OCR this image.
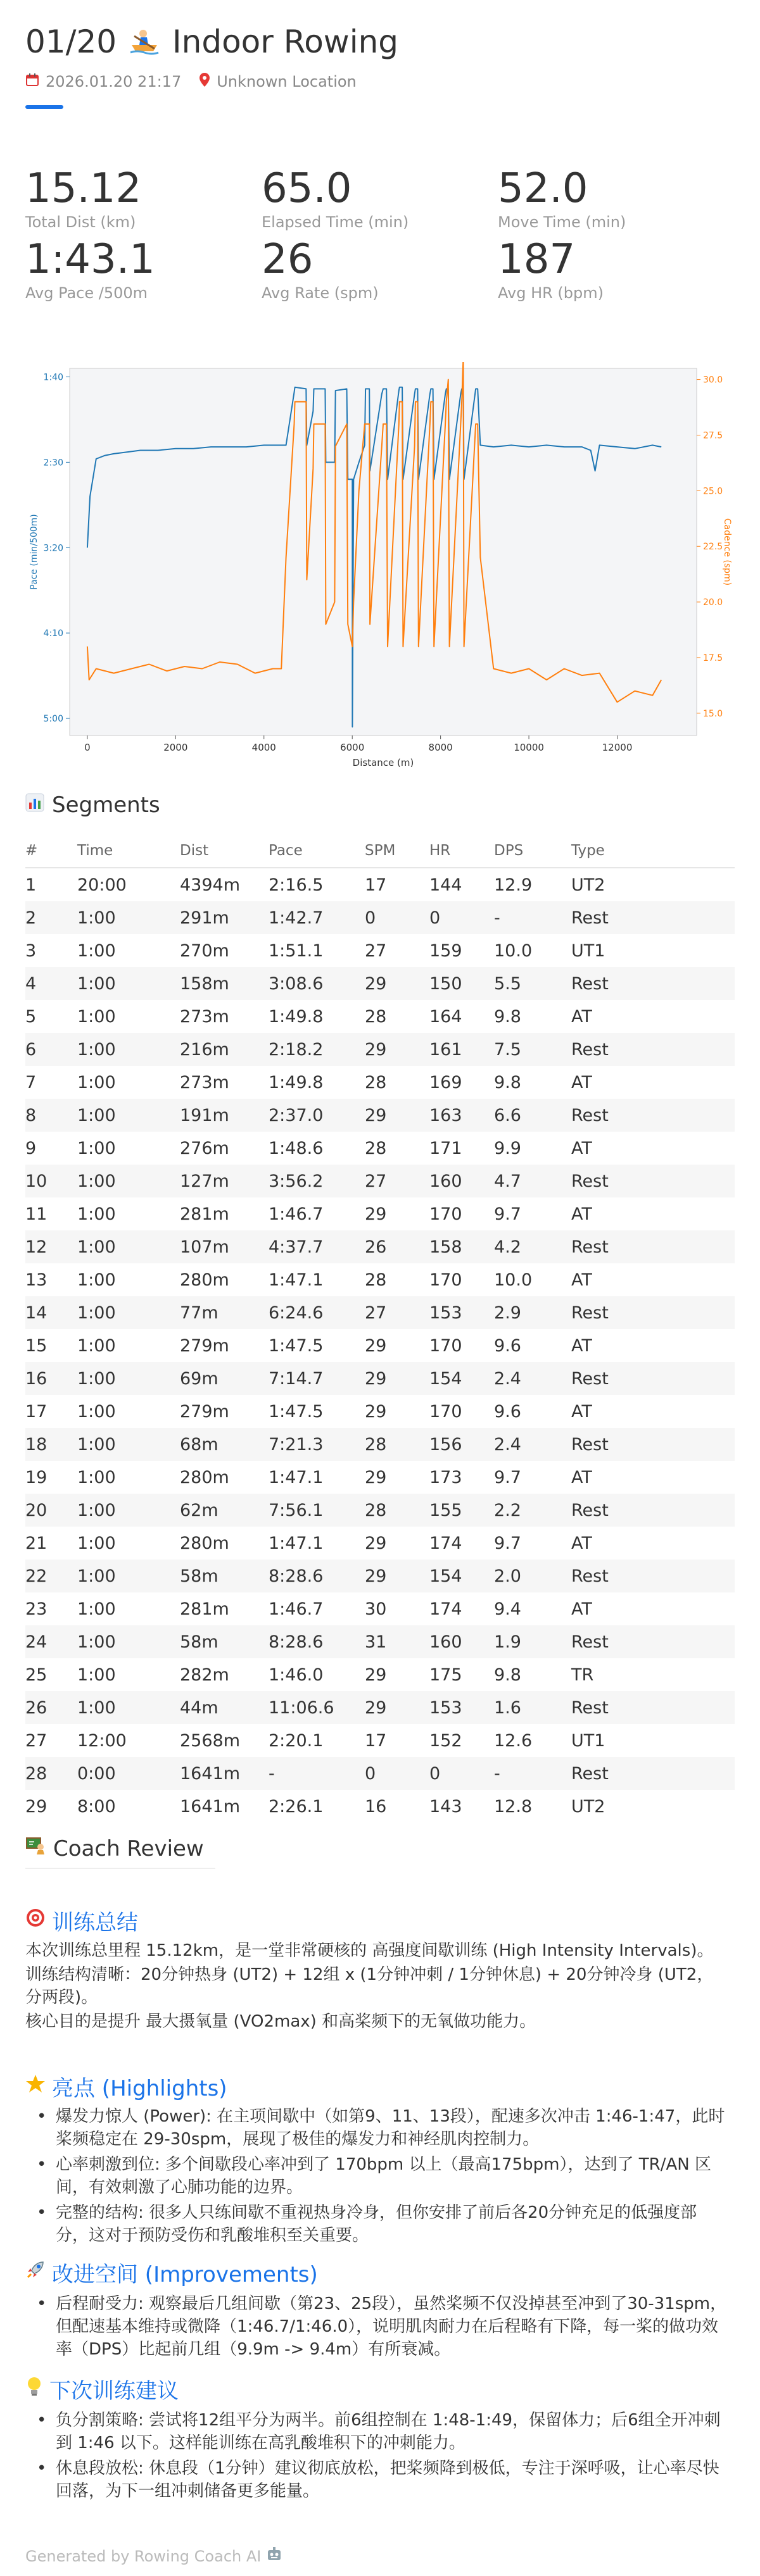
01/20 Indoor Rowing
2026.01.20 21:17 Unknown Location
15.12
Total Dist (km)
65.0
Elapsed Time (min)
52.0
Move Time (min)
1:43.1
Avg Pace /500m
26
Avg Rate (spm)
187
Avg HR (bpm)
0	2000	4000	6000	8000	10000	12000
Distance (m)
1:40
2:30
3:20
4:10
5:00
Pace (min/500m)
15.0
17.5
20.0
22.5
25.0
27.5
30.0
Cadence (spm)
Segments
#	Time	Dist	Pace	SPM	HR	DPS	Type
1	20:00	4394m	2:16.5	17	144	12.9	UT2
2	1:00	291m	1:42.7	0	0	-	Rest
3	1:00	270m	1:51.1	27	159	10.0	UT1
4	1:00	158m	3:08.6	29	150	5.5	Rest
5	1:00	273m	1:49.8	28	164	9.8	AT
6	1:00	216m	2:18.2	29	161	7.5	Rest
7	1:00	273m	1:49.8	28	169	9.8	AT
8	1:00	191m	2:37.0	29	163	6.6	Rest
9	1:00	276m	1:48.6	28	171	9.9	AT
10	1:00	127m	3:56.2	27	160	4.7	Rest
11	1:00	281m	1:46.7	29	170	9.7	AT
12	1:00	107m	4:37.7	26	158	4.2	Rest
13	1:00	280m	1:47.1	28	170	10.0	AT
14	1:00	77m	6:24.6	27	153	2.9	Rest
15	1:00	279m	1:47.5	29	170	9.6	AT
16	1:00	69m	7:14.7	29	154	2.4	Rest
17	1:00	279m	1:47.5	29	170	9.6	AT
18	1:00	68m	7:21.3	28	156	2.4	Rest
19	1:00	280m	1:47.1	29	173	9.7	AT
20	1:00	62m	7:56.1	28	155	2.2	Rest
21	1:00	280m	1:47.1	29	174	9.7	AT
22	1:00	58m	8:28.6	29	154	2.0	Rest
23	1:00	281m	1:46.7	30	174	9.4	AT
24	1:00	58m	8:28.6	31	160	1.9	Rest
25	1:00	282m	1:46.0	29	175	9.8	TR
26	1:00	44m	11:06.6	29	153	1.6	Rest
27	12:00	2568m	2:20.1	17	152	12.6	UT1
28	0:00	1641m	-	0	0	-	Rest
29	8:00	1641m	2:26.1	16	143	12.8	UT2
Coach Review
训练总结
本次训练总里程 15.12km，是一堂非常硬核的 高强度间歇训练 (High Intensity Intervals)。
训练结构清晰：20分钟热身 (UT2) + 12组 x (1分钟冲刺 / 1分钟休息) + 20分钟冷身 (UT2，分两段)。
核心目的是提升 最大摄氧量 (VO2max) 和高桨频下的无氧做功能力。
亮点 (Highlights)
• 爆发力惊人 (Power): 在主项间歇中（如第9、11、13段），配速多次冲击 1:46-1:47，此时桨频稳定在 29-30spm，展现了极佳的爆发力和神经肌肉控制力。
• 心率刺激到位: 多个间歇段心率冲到了 170bpm 以上（最高175bpm），达到了 TR/AN 区间，有效刺激了心肺功能的边界。
• 完整的结构: 很多人只练间歇不重视热身冷身，但你安排了前后各20分钟充足的低强度部分，这对于预防受伤和乳酸堆积至关重要。
改进空间 (Improvements)
• 后程耐受力: 观察最后几组间歇（第23、25段），虽然桨频不仅没掉甚至冲到了30-31spm，但配速基本维持或微降（1:46.7/1:46.0），说明肌肉耐力在后程略有下降，每一桨的做功效率（DPS）比起前几组（9.9m -> 9.4m）有所衰减。
下次训练建议
• 负分割策略: 尝试将12组平分为两半。前6组控制在 1:48-1:49，保留体力；后6组全开冲刺到 1:46 以下。这样能训练在高乳酸堆积下的冲刺能力。
• 休息段放松: 休息段（1分钟）建议彻底放松，把桨频降到极低，专注于深呼吸，让心率尽快回落，为下一组冲刺储备更多能量。
Generated by Rowing Coach AI
